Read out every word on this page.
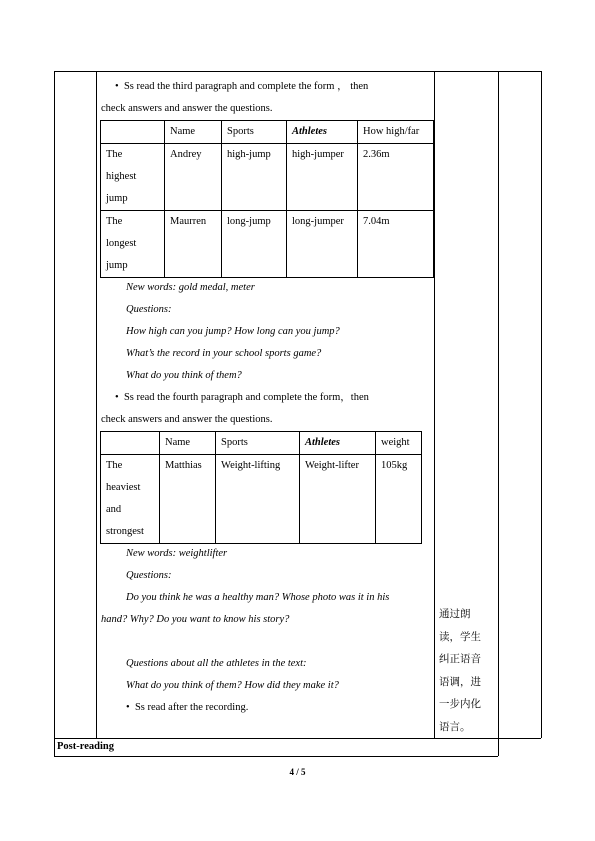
• Ss read the third paragraph and complete the form ， then
check answers and answer the questions.
	Name	Sports	Athletes	How high/far

The
highest
jump	Andrey	high-jump	high-jumper	2.36m

The
longest
jump	Maurren	long-jump	long-jumper	7.04m
New words: gold medal, meter
Questions:
How high can you jump? How long can you jump?
What’s the record in your school sports game?
What do you think of them?
• Ss read the fourth paragraph and complete the form，then
check answers and answer the questions.
	Name	Sports	Athletes	weight

The
heaviest
and
strongest	Matthias	Weight-lifting	Weight-lifter	105kg
New words: weightlifter
Questions:
Do you think he was a healthy man? Whose photo was it in his
hand? Why? Do you want to know his story?
Questions about all the athletes in the text:
What do you think of them? How did they make it?
• Ss read after the recording.
通过朗
读，学生
纠正语音
语调，进
一步内化
语言。
Post-reading
4 / 5
